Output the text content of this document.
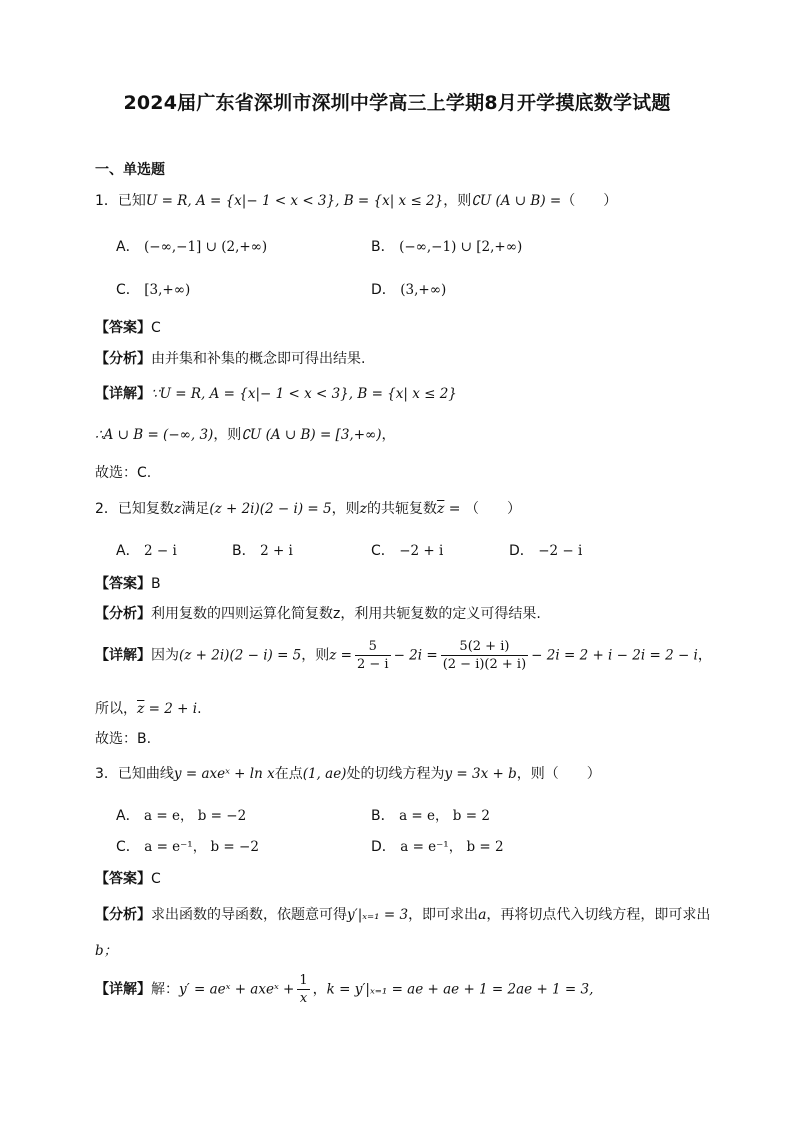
2024届广东省深圳市深圳中学高三上学期8月开学摸底数学试题
一、单选题
1．已知U = R, A = {x|− 1 < x < 3}, B = {x| x ≤ 2}，则∁U (A ∪ B) =（　　）
A． (−∞,−1] ∪ (2,+∞)	B． (−∞,−1) ∪ [2,+∞)
C． [3,+∞)	D． (3,+∞)
【答案】C
【分析】由并集和补集的概念即可得出结果.
【详解】∵U = R, A = {x|− 1 < x < 3}, B = {x| x ≤ 2}
∴A ∪ B = (−∞, 3)，则∁U (A ∪ B) = [3,+∞)，
故选：C.
2．已知复数z满足(z + 2i)(2 − i) = 5，则z的共轭复数$\overline{z}$ = （　　）
A． 2 − i	B． 2 + i	C． −2 + i	D． −2 − i
【答案】B
【分析】利用复数的四则运算化简复数z，利用共轭复数的定义可得结果.
【详解】因为(z + 2i)(2 − i) = 5，则$z = \frac{5}{2 - i} - 2i = \frac{5(2 + i)}{(2 - i)(2 + i)} - 2i = 2 + i - 2i = 2 - i$，
所以，$\overline{z} = 2 + i$.
故选：B.
3．已知曲线y = axeˣ + ln x在点(1, ae)处的切线方程为y = 3x + b，则（　　）
A． a = e， b = −2	B． a = e， b = 2
C． a = e⁻¹， b = −2	D． a = e⁻¹， b = 2
【答案】C
【分析】求出函数的导函数，依题意可得y′|ₓ₌₁ = 3，即可求出a，再将切点代入切线方程，即可求出
b；
【详解】解：y′ = aeˣ + axeˣ + $\frac{1}{x}$ ，k = y′|ₓ₌₁ = ae + ae + 1 = 2ae + 1 = 3,
